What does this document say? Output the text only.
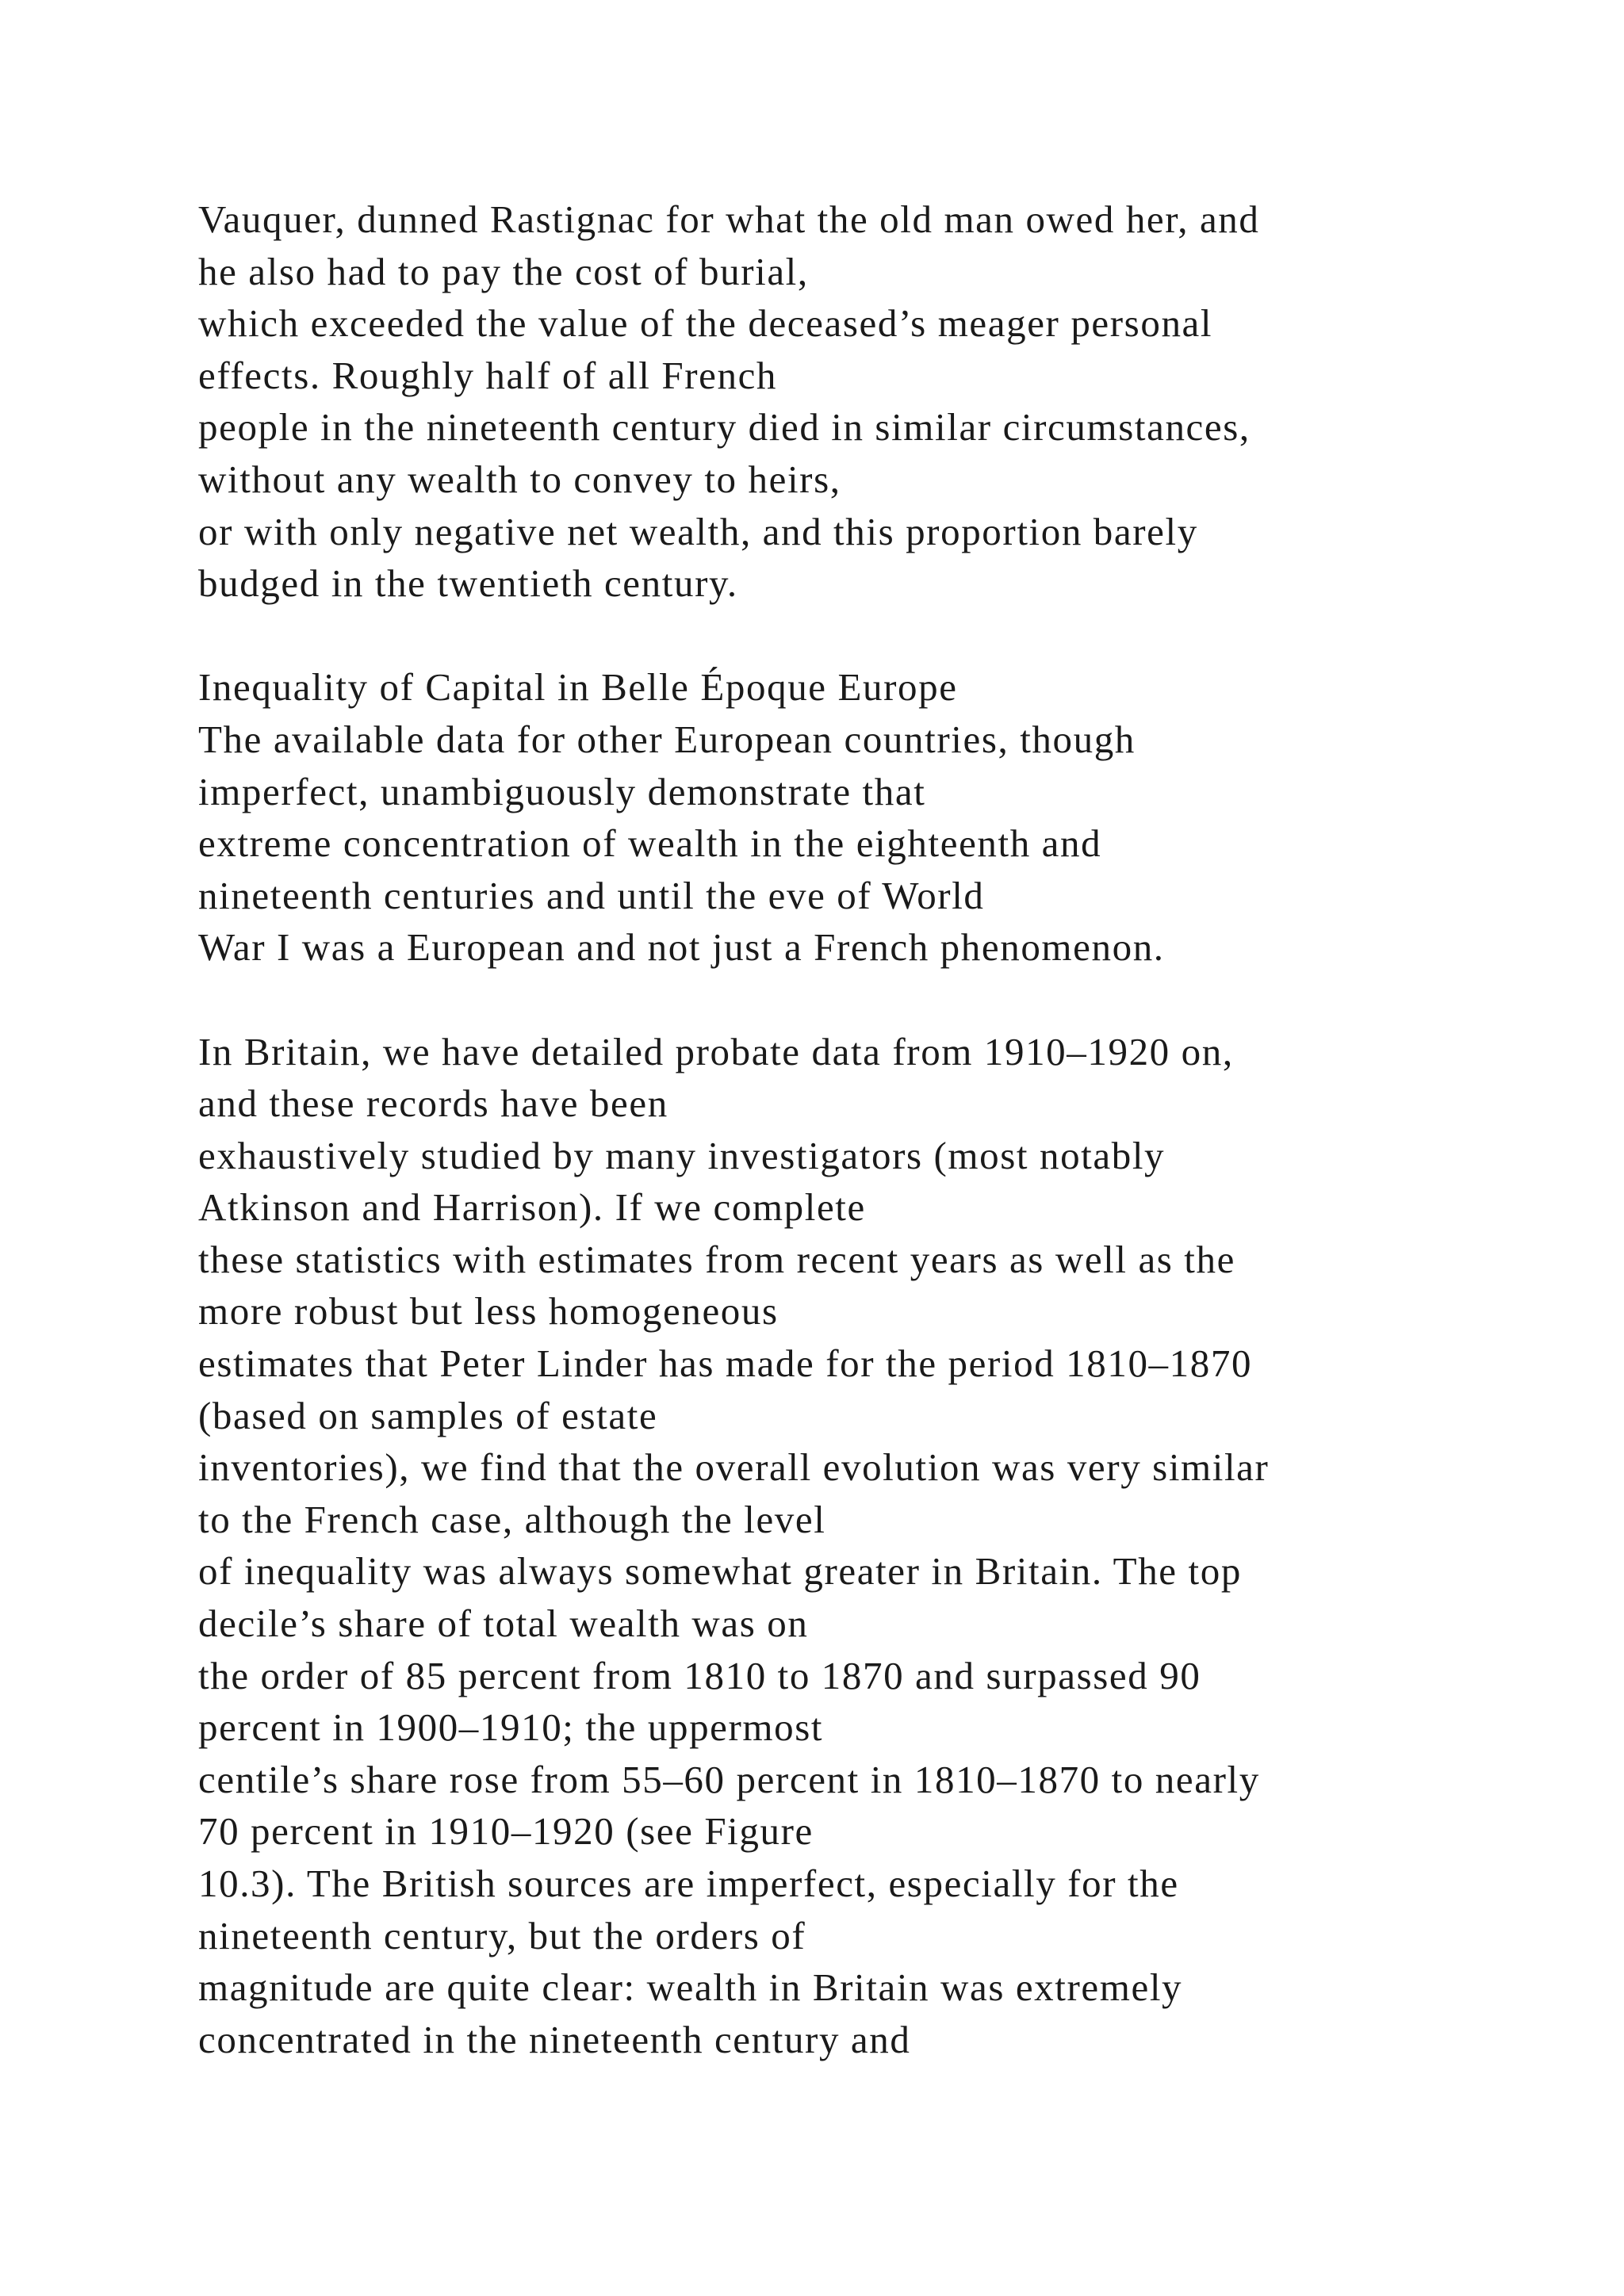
Vauquer, dunned Rastignac for what the old man owed her, and
he also had to pay the cost of burial,
which exceeded the value of the deceased’s meager personal
effects. Roughly half of all French
people in the nineteenth century died in similar circumstances,
without any wealth to convey to heirs,
or with only negative net wealth, and this proportion barely
budged in the twentieth century.
Inequality of Capital in Belle Époque Europe
The available data for other European countries, though
imperfect, unambiguously demonstrate that
extreme concentration of wealth in the eighteenth and
nineteenth centuries and until the eve of World
War I was a European and not just a French phenomenon.
In Britain, we have detailed probate data from 1910–1920 on,
and these records have been
exhaustively studied by many investigators (most notably
Atkinson and Harrison). If we complete
these statistics with estimates from recent years as well as the
more robust but less homogeneous
estimates that Peter Linder has made for the period 1810–1870
(based on samples of estate
inventories), we find that the overall evolution was very similar
to the French case, although the level
of inequality was always somewhat greater in Britain. The top
decile’s share of total wealth was on
the order of 85 percent from 1810 to 1870 and surpassed 90
percent in 1900–1910; the uppermost
centile’s share rose from 55–60 percent in 1810–1870 to nearly
70 percent in 1910–1920 (see Figure
10.3). The British sources are imperfect, especially for the
nineteenth century, but the orders of
magnitude are quite clear: wealth in Britain was extremely
concentrated in the nineteenth century and
